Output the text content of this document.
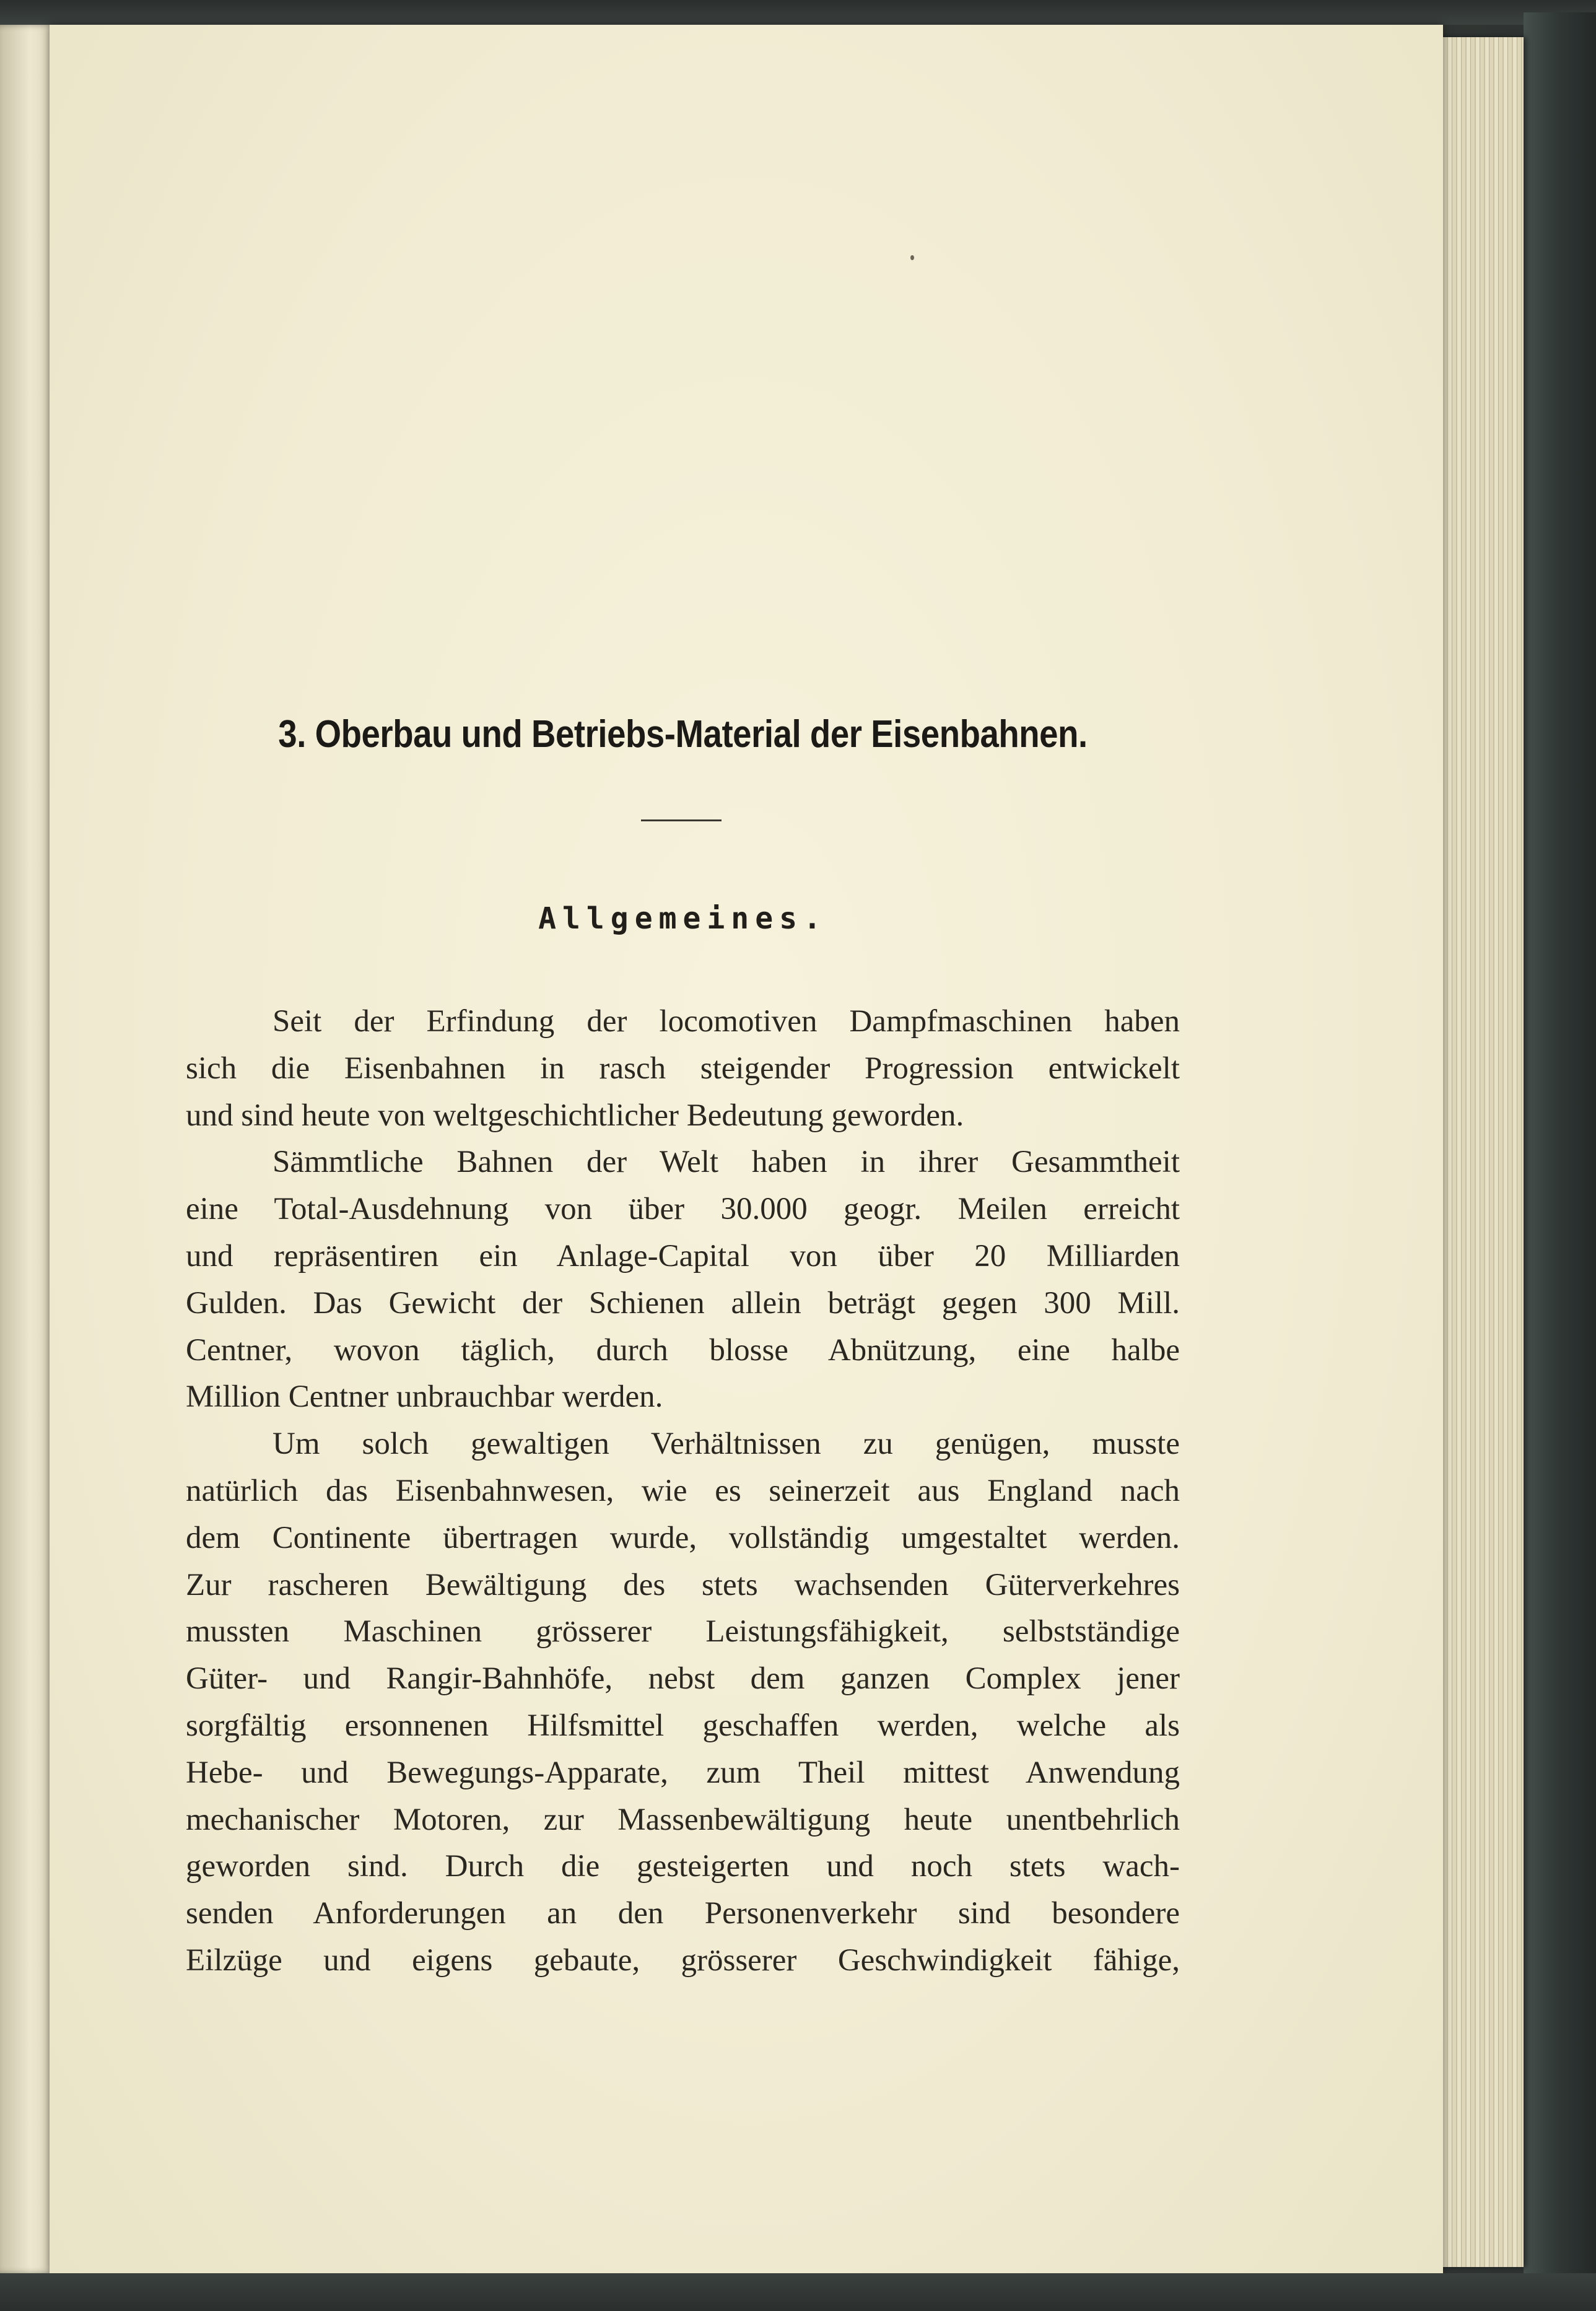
3. Oberbau und Betriebs-Material der Eisenbahnen.
Allgemeines.
Seit der Erfindung der locomotiven Dampfmaschinen haben
sich die Eisenbahnen in rasch steigender Progression entwickelt
und sind heute von weltgeschichtlicher Bedeutung geworden.
Sämmtliche Bahnen der Welt haben in ihrer Gesammtheit
eine Total-Ausdehnung von über 30.000 geogr. Meilen erreicht
und repräsentiren ein Anlage-Capital von über 20 Milliarden
Gulden. Das Gewicht der Schienen allein beträgt gegen 300 Mill.
Centner, wovon täglich, durch blosse Abnützung, eine halbe
Million Centner unbrauchbar werden.
Um solch gewaltigen Verhältnissen zu genügen, musste
natürlich das Eisenbahnwesen, wie es seinerzeit aus England nach
dem Continente übertragen wurde, vollständig umgestaltet werden.
Zur rascheren Bewältigung des stets wachsenden Güterverkehres
mussten Maschinen grösserer Leistungsfähigkeit, selbstständige
Güter- und Rangir-Bahnhöfe, nebst dem ganzen Complex jener
sorgfältig ersonnenen Hilfsmittel geschaffen werden, welche als
Hebe- und Bewegungs-Apparate, zum Theil mittest Anwendung
mechanischer Motoren, zur Massenbewältigung heute unentbehrlich
geworden sind. Durch die gesteigerten und noch stets wach-
senden Anforderungen an den Personenverkehr sind besondere
Eilzüge und eigens gebaute, grösserer Geschwindigkeit fähige,
